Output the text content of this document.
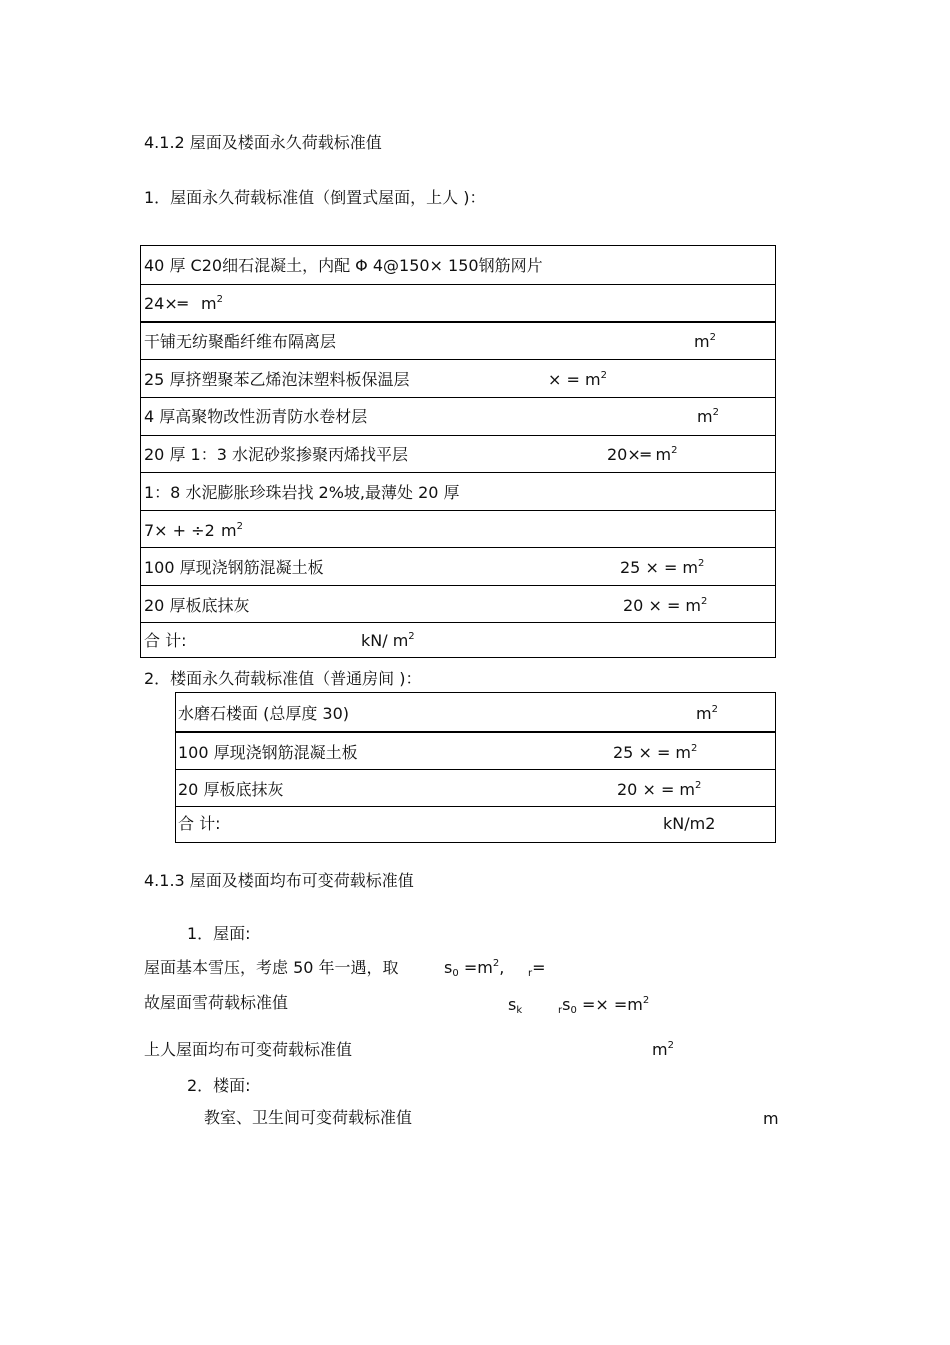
4.1.2 屋面及楼面永久荷载标准值
1．屋面永久荷载标准值（倒置式屋面，上人 )：
40 厚 C20细石混凝土，内配 Φ 4@150× 150钢筋网片
24×═ $m^2$
干铺无纺聚酯纤维布隔离层	$m^2$
25 厚挤塑聚苯乙烯泡沫塑料板保温层	× = $m^2$
4 厚高聚物改性沥青防水卷材层	$m^2$
20 厚 1：3 水泥砂浆掺聚丙烯找平层	20×═ $m^2$
1：8 水泥膨胀珍珠岩找 2%坡,最薄处 20 厚
7× + ÷2 $m^2$
100 厚现浇钢筋混凝土板	25 × = $m^2$
20 厚板底抹灰	20 × = $m^2$
合 计:	kN/ $m^2$
2．楼面永久荷载标准值（普通房间 )：
水磨石楼面 (总厚度 30)	$m^2$
100 厚现浇钢筋混凝土板	25 × = $m^2$
20 厚板底抹灰	20 × = $m^2$
合 计:	kN/m2
4.1.3 屋面及楼面均布可变荷载标准值
1．屋面:
屋面基本雪压，考虑 50 年一遇，取	$s_0 =m^2$, $_r$=
故屋面雪荷载标准值	$s_k$	$_rs_0 =\times =m^2$
上人屋面均布可变荷载标准值	$m^2$
2．楼面:
教室、卫生间可变荷载标准值	m
